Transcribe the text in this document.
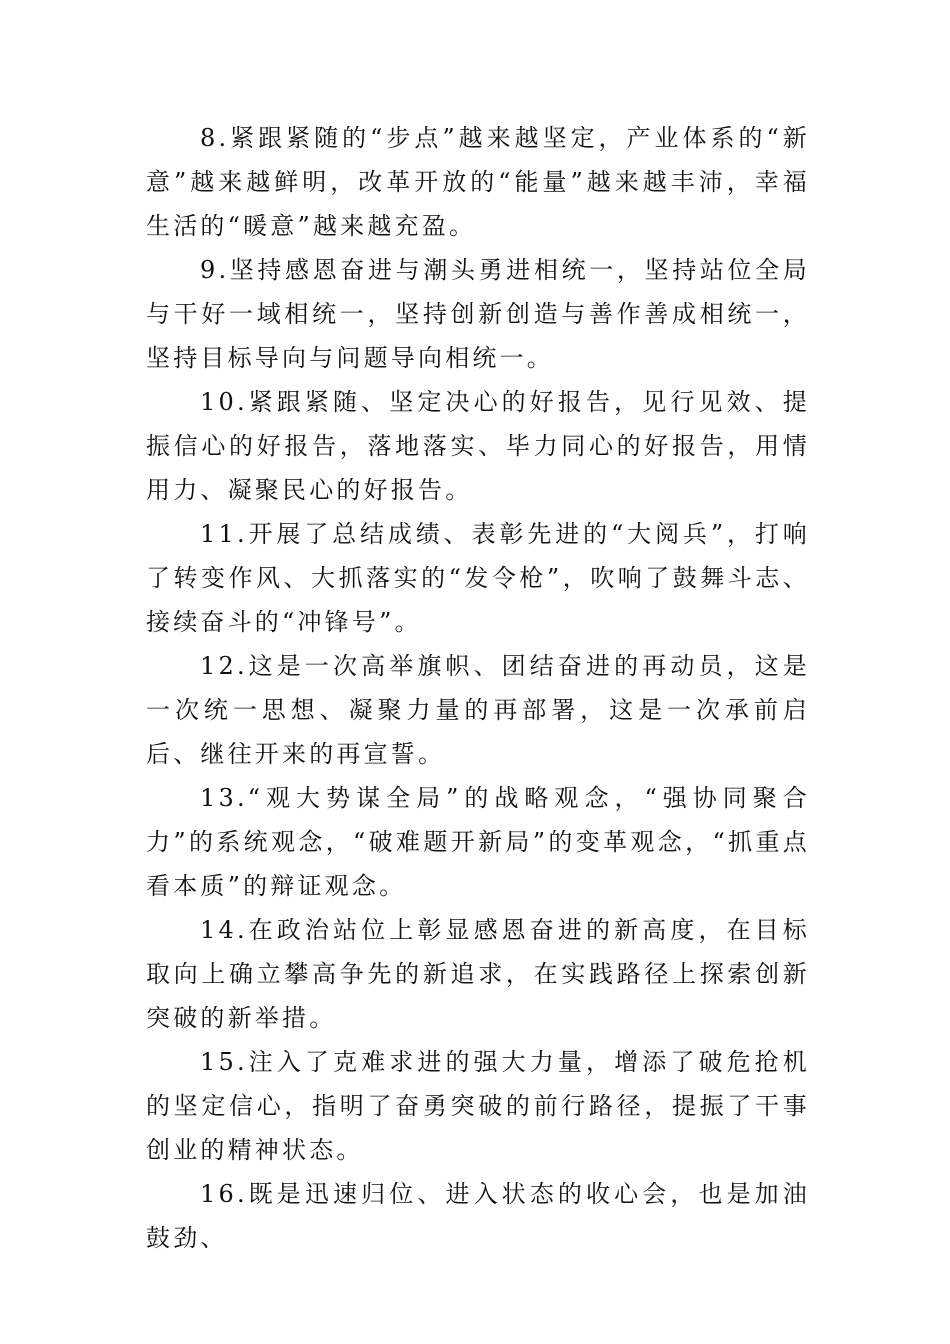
8.紧跟紧随的“步点”越来越坚定，产业体系的“新意”越来越鲜明，改革开放的“能量”越来越丰沛，幸福生活的“暖意”越来越充盈。

9.坚持感恩奋进与潮头勇进相统一，坚持站位全局与干好一域相统一，坚持创新创造与善作善成相统一，坚持目标导向与问题导向相统一。

10.紧跟紧随、坚定决心的好报告，见行见效、提振信心的好报告，落地落实、毕力同心的好报告，用情用力、凝聚民心的好报告。

11.开展了总结成绩、表彰先进的“大阅兵”，打响了转变作风、大抓落实的“发令枪”，吹响了鼓舞斗志、接续奋斗的“冲锋号”。

12.这是一次高举旗帜、团结奋进的再动员，这是一次统一思想、凝聚力量的再部署，这是一次承前启后、继往开来的再宣誓。

13.“观大势谋全局”的战略观念，“强协同聚合力”的系统观念，“破难题开新局”的变革观念，“抓重点看本质”的辩证观念。

14.在政治站位上彰显感恩奋进的新高度，在目标取向上确立攀高争先的新追求，在实践路径上探索创新突破的新举措。

15.注入了克难求进的强大力量，增添了破危抢机的坚定信心，指明了奋勇突破的前行路径，提振了干事创业的精神状态。

16.既是迅速归位、进入状态的收心会，也是加油鼓劲、
